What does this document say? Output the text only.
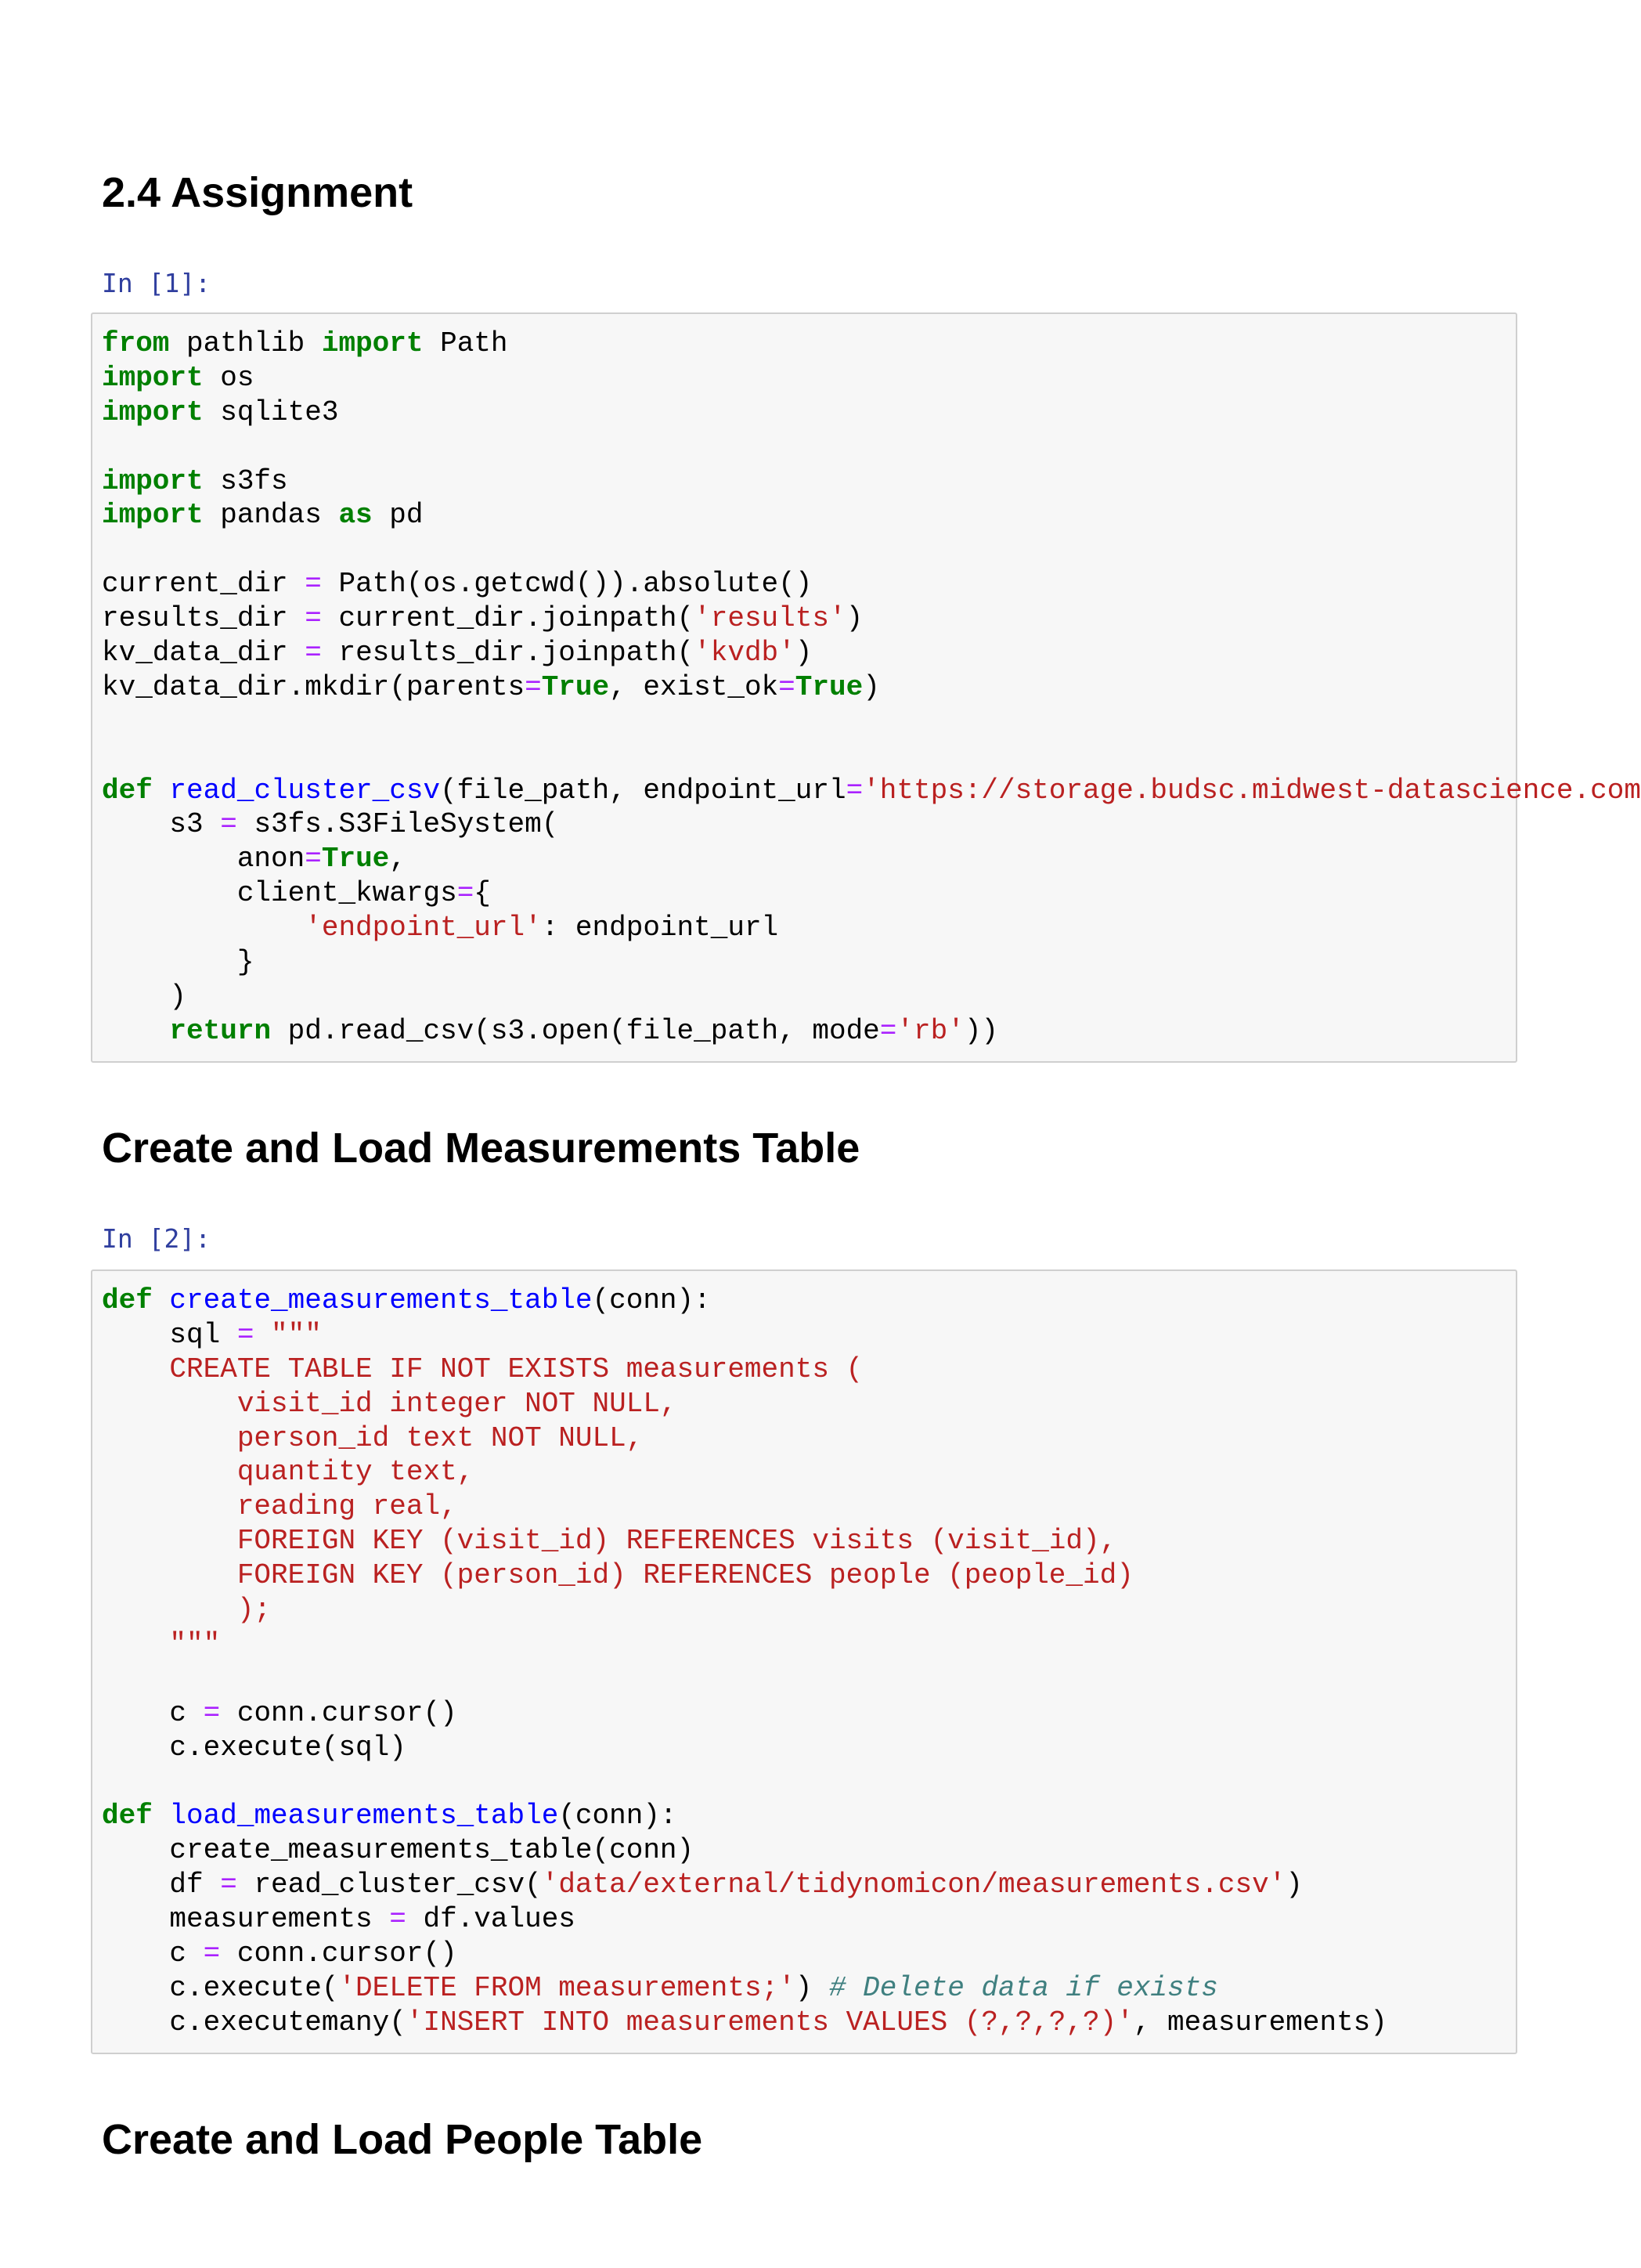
2.4 Assignment
In [1]:
from pathlib import Path
import os
import sqlite3

import s3fs
import pandas as pd

current_dir = Path(os.getcwd()).absolute()
results_dir = current_dir.joinpath('results')
kv_data_dir = results_dir.joinpath('kvdb')
kv_data_dir.mkdir(parents=True, exist_ok=True)

def read_cluster_csv(file_path, endpoint_url='https://storage.budsc.midwest-datascience.com
s3 = s3fs.S3FileSystem(
anon=True,
client_kwargs={
'endpoint_url': endpoint_url
}
)
return pd.read_csv(s3.open(file_path, mode='rb'))
Create and Load Measurements Table
In [2]:
def create_measurements_table(conn):
sql = """
CREATE TABLE IF NOT EXISTS measurements (
visit_id integer NOT NULL,
person_id text NOT NULL,
quantity text,
reading real,
FOREIGN KEY (visit_id) REFERENCES visits (visit_id),
FOREIGN KEY (person_id) REFERENCES people (people_id)
);
"""

c = conn.cursor()
c.execute(sql)

def load_measurements_table(conn):
create_measurements_table(conn)
df = read_cluster_csv('data/external/tidynomicon/measurements.csv')
measurements = df.values
c = conn.cursor()
c.execute('DELETE FROM measurements;') # Delete data if exists
c.executemany('INSERT INTO measurements VALUES (?,?,?,?)', measurements)
Create and Load People Table
